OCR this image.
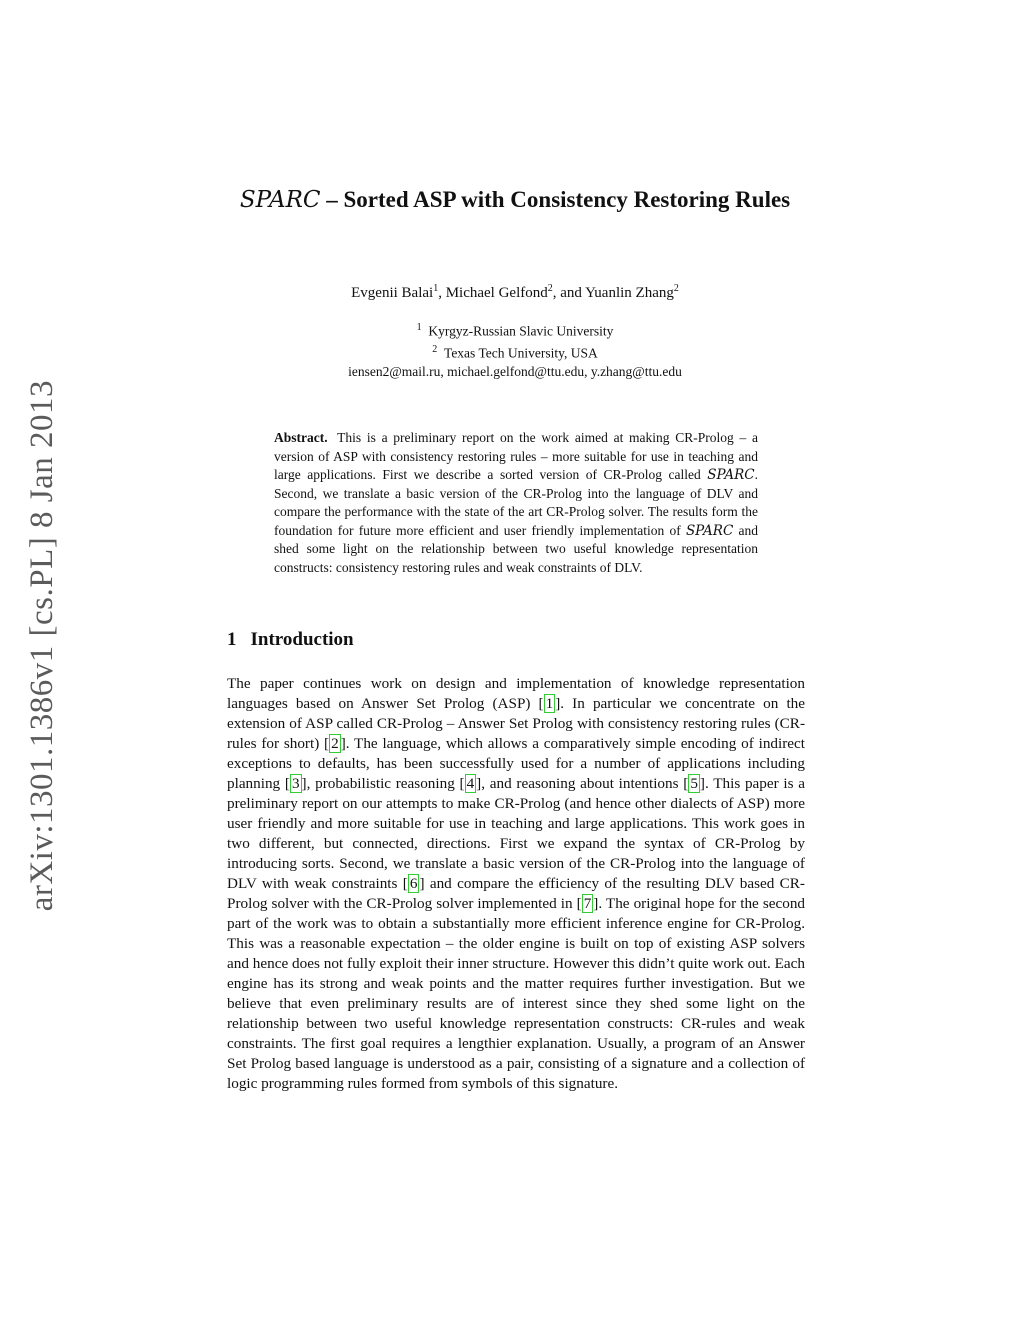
arXiv:1301.1386v1 [cs.PL] 8 Jan 2013
SPARC – Sorted ASP with Consistency Restoring Rules
Evgenii Balai$^1$, Michael Gelfond$^2$, and Yuanlin Zhang$^2$
$^1$ Kyrgyz-Russian Slavic University
$^2$ Texas Tech University, USA
iensen2@mail.ru, michael.gelfond@ttu.edu, y.zhang@ttu.edu
Abstract. This is a preliminary report on the work aimed at making CR-Prolog – a version of ASP with consistency restoring rules – more suitable for use in teaching and large applications. First we describe a sorted version of CR-Prolog called SPARC. Second, we translate a basic version of the CR-Prolog into the language of DLV and compare the performance with the state of the art CR-Prolog solver. The results form the foundation for future more efficient and user friendly implementation of SPARC and shed some light on the relationship between two useful knowledge representation constructs: consistency restoring rules and weak constraints of DLV.
1 Introduction
The paper continues work on design and implementation of knowledge representation languages based on Answer Set Prolog (ASP) [ 1 ]. In particular we concentrate on the extension of ASP called CR-Prolog – Answer Set Prolog with consistency restoring rules (CR-rules for short) [ 2 ]. The language, which allows a comparatively simple encoding of indirect exceptions to defaults, has been successfully used for a number of applications including planning [ 3 ], probabilistic reasoning [ 4 ], and reasoning about intentions [ 5 ]. This paper is a preliminary report on our attempts to make CR-Prolog (and hence other dialects of ASP) more user friendly and more suitable for use in teaching and large applications. This work goes in two different, but connected, directions. First we expand the syntax of CR-Prolog by introducing sorts. Second, we translate a basic version of the CR-Prolog into the language of DLV with weak constraints [ 6 ] and compare the efficiency of the resulting DLV based CR-Prolog solver with the CR-Prolog solver implemented in [ 7 ]. The original hope for the second part of the work was to obtain a substantially more efficient inference engine for CR-Prolog. This was a reasonable expectation – the older engine is built on top of existing ASP solvers and hence does not fully exploit their inner structure. However this didn’t quite work out. Each engine has its strong and weak points and the matter requires further investigation. But we believe that even preliminary results are of interest since they shed some light on the relationship between two useful knowledge representation constructs: CR-rules and weak constraints. The first goal requires a lengthier explanation. Usually, a program of an Answer Set Prolog based language is understood as a pair, consisting of a signature and a collection of logic programming rules formed from symbols of this signature.
